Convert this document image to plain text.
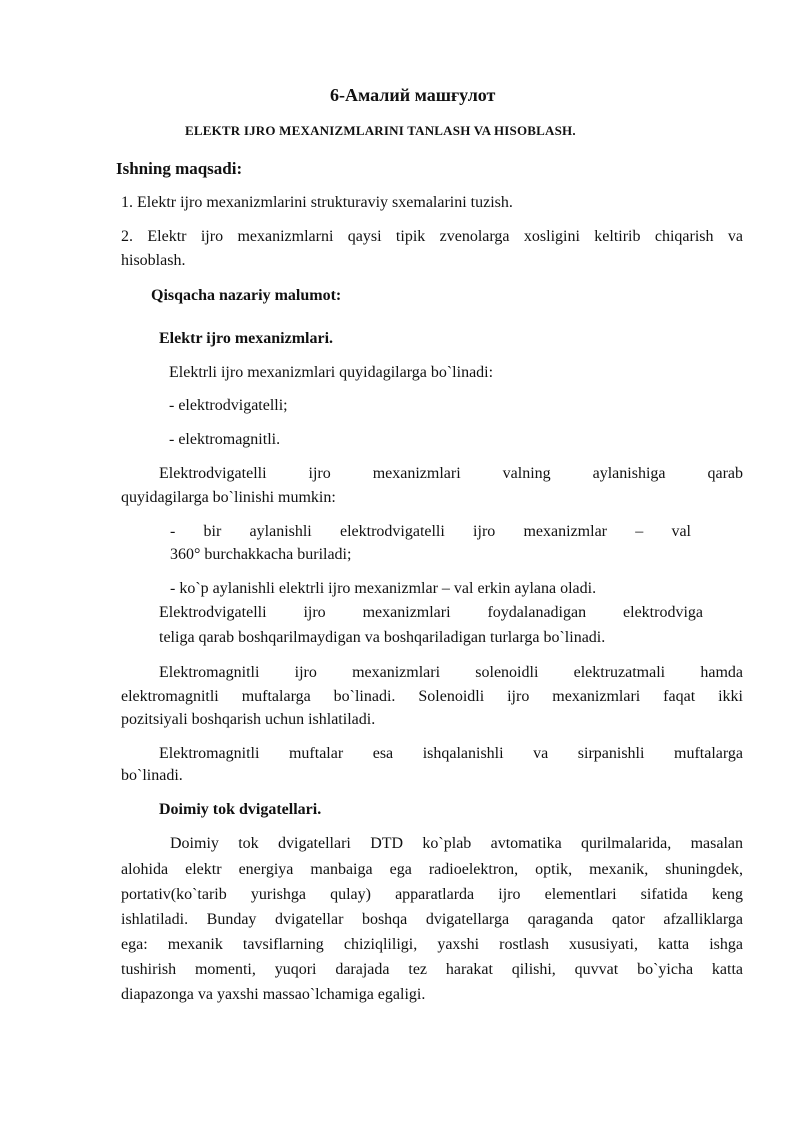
6-Амалий машғулот
ELEKTR IJRO MEXANIZMLARINI TANLASH VA HISOBLASH.
Ishning maqsadi:
1. Elektr ijro mexanizmlarini strukturaviy sxemalarini tuzish.
2. Elektr ijro mexanizmlarni qaysi tipik zvenolarga xosligini keltirib chiqarish va
hisoblash.
Qisqacha nazariy malumot:
Elektr ijro mexanizmlari.
Elektrli ijro mexanizmlari quyidagilarga bo`linadi:
- elektrodvigatelli;
- elektromagnitli.
Elektrodvigatelli ijro mexanizmlari valning aylanishiga qarab
quyidagilarga bo`linishi mumkin:
- bir aylanishli elektrodvigatelli ijro mexanizmlar – val
360° burchakkacha buriladi;
- ko`p aylanishli elektrli ijro mexanizmlar – val erkin aylana oladi.
Elektrodvigatelli ijro mexanizmlari foydalanadigan elektrodviga
teliga qarab boshqarilmaydigan va boshqariladigan turlarga bo`linadi.
Elektromagnitli ijro mexanizmlari solenoidli elektruzatmali hamda
elektromagnitli muftalarga bo`linadi. Solenoidli ijro mexanizmlari faqat ikki
pozitsiyali boshqarish uchun ishlatiladi.
Elektromagnitli muftalar esa ishqalanishli va sirpanishli muftalarga
bo`linadi.
Doimiy tok dvigatellari.
Doimiy tok dvigatellari DTD ko`plab avtomatika qurilmalarida, masalan
alohida elektr energiya manbaiga ega radioelektron, optik, mexanik, shuningdek,
portativ(ko`tarib yurishga qulay) apparatlarda ijro elementlari sifatida keng
ishlatiladi. Bunday dvigatellar boshqa dvigatellarga qaraganda qator afzalliklarga
ega: mexanik tavsiflarning chiziqliligi, yaxshi rostlash xususiyati, katta ishga
tushirish momenti, yuqori darajada tez harakat qilishi, quvvat bo`yicha katta
diapazonga va yaxshi massao`lchamiga egaligi.
